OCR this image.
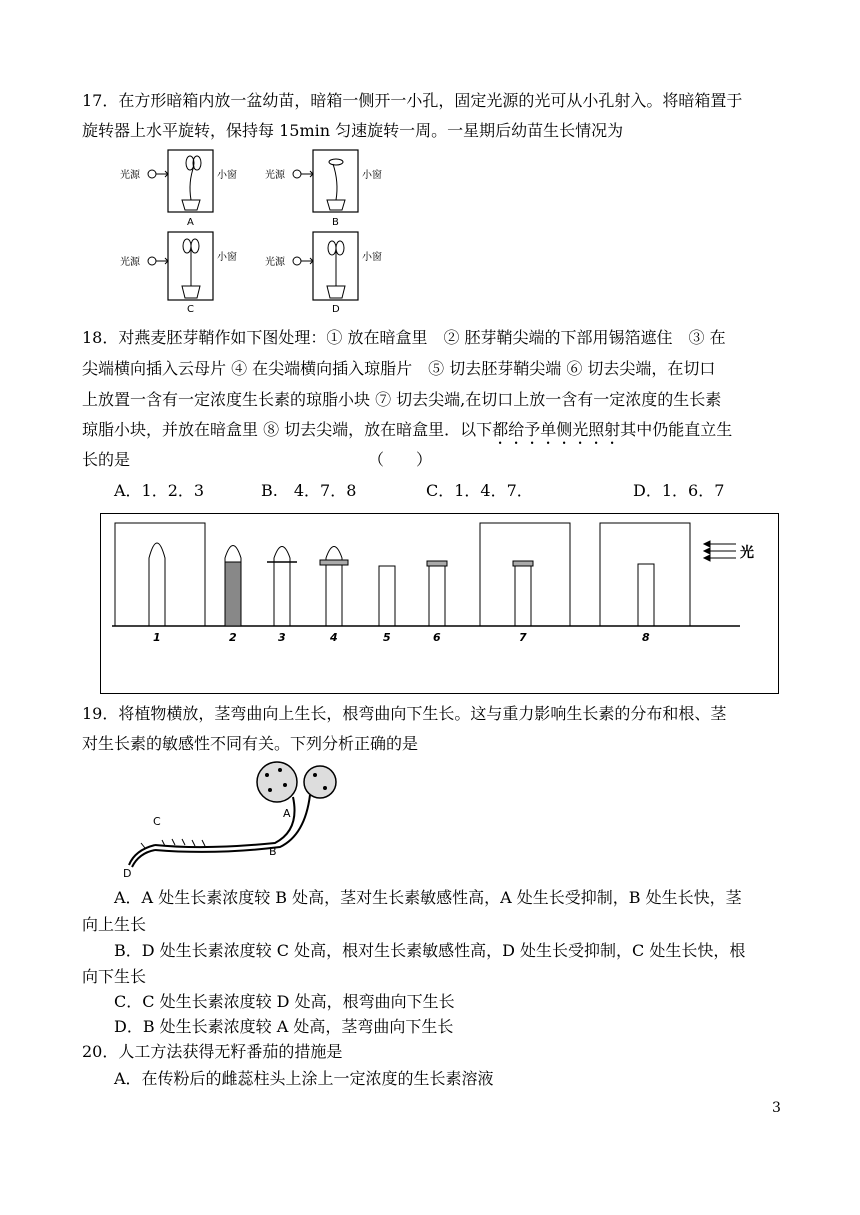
17．在方形暗箱内放一盆幼苗，暗箱一侧开一小孔，固定光源的光可从小孔射入。将暗箱置于
旋转器上水平旋转，保持每 15min 匀速旋转一周。一星期后幼苗生长情况为
光源	小窗
A
光源	小窗
B
光源	小窗
C
光源	小窗
D
18．对燕麦胚芽鞘作如下图处理：① 放在暗盒里　② 胚芽鞘尖端的下部用锡箔遮住　③ 在
尖端横向插入云母片 ④ 在尖端横向插入琼脂片　⑤ 切去胚芽鞘尖端 ⑥ 切去尖端，在切口
上放置一含有一定浓度生长素的琼脂小块 ⑦ 切去尖端,在切口上放一含有一定浓度的生长素
琼脂小块，并放在暗盒里 ⑧ 切去尖端，放在暗盒里．以下都给予单侧光照射其中仍能直立生
长的是	（　　）
A．1．2．3	B.　4．7．8	C．1．4．7．	D．1．6．7
光
1	2	3	4	5	6	7	8
19．将植物横放，茎弯曲向上生长，根弯曲向下生长。这与重力影响生长素的分布和根、茎
对生长素的敏感性不同有关。下列分析正确的是
A
B
C
D
A．A 处生长素浓度较 B 处高，茎对生长素敏感性高，A 处生长受抑制，B 处生长快，茎
向上生长
B．D 处生长素浓度较 C 处高，根对生长素敏感性高，D 处生长受抑制，C 处生长快，根
向下生长
C．C 处生长素浓度较 D 处高，根弯曲向下生长
D．B 处生长素浓度较 A 处高，茎弯曲向下生长
20．人工方法获得无籽番茄的措施是
A．在传粉后的雌蕊柱头上涂上一定浓度的生长素溶液
3
